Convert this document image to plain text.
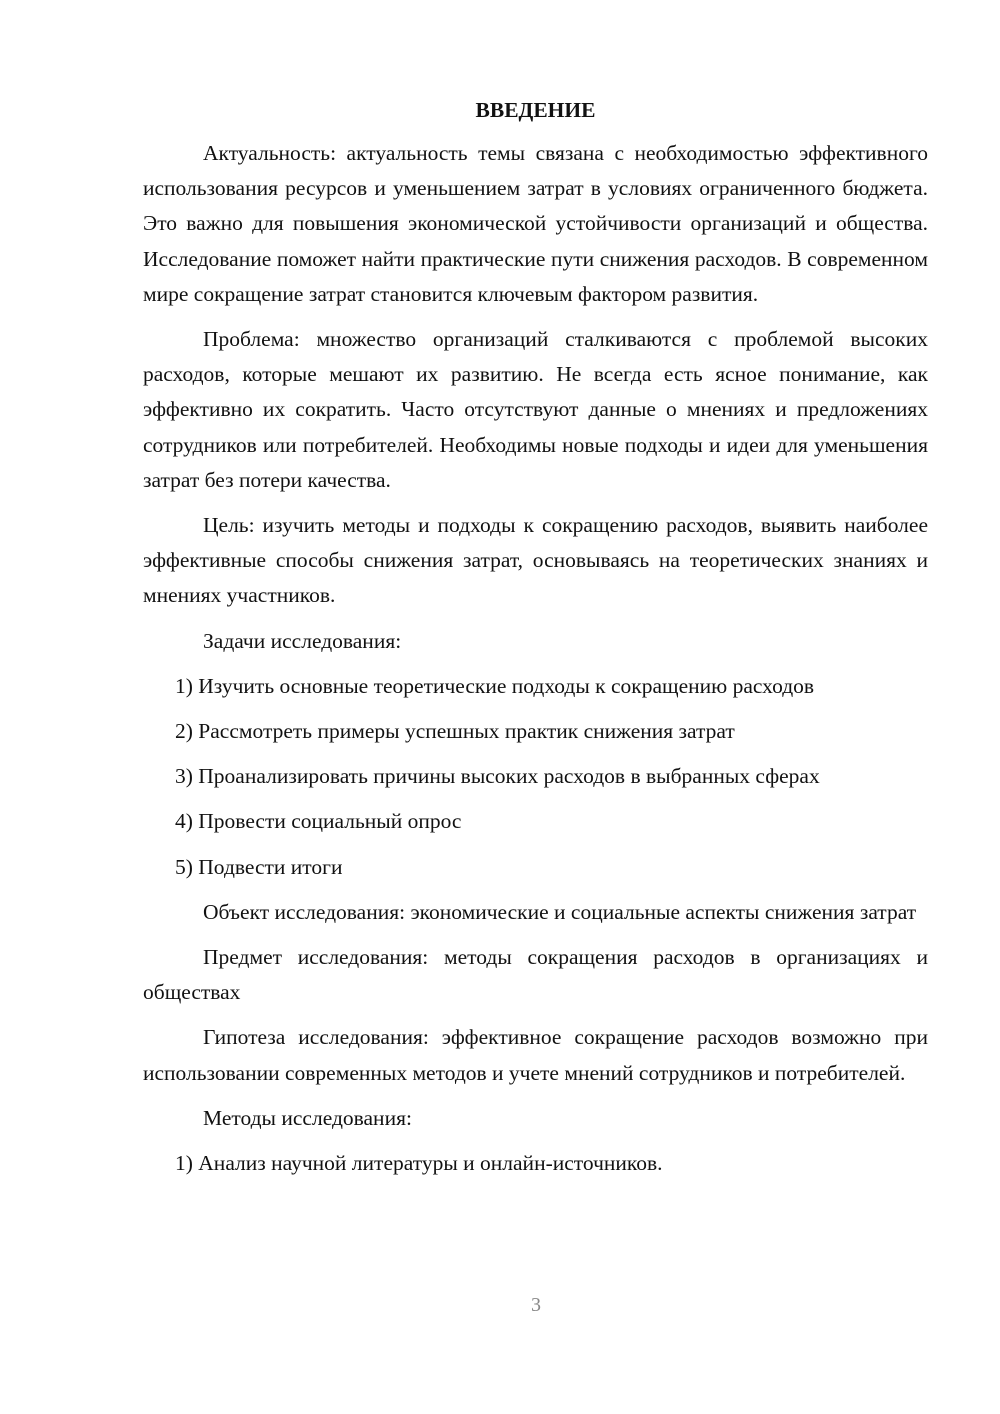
ВВЕДЕНИЕ

Актуальность: актуальность темы связана с необходимостью эффективного использования ресурсов и уменьшением затрат в условиях ограниченного бюджета. Это важно для повышения экономической устойчивости организаций и общества. Исследование поможет найти практические пути снижения расходов. В современном мире сокращение затрат становится ключевым фактором развития.

Проблема: множество организаций сталкиваются с проблемой высоких расходов, которые мешают их развитию. Не всегда есть ясное понимание, как эффективно их сократить. Часто отсутствуют данные о мнениях и предложениях сотрудников или потребителей. Необходимы новые подходы и идеи для уменьшения затрат без потери качества.

Цель: изучить методы и подходы к сокращению расходов, выявить наиболее эффективные способы снижения затрат, основываясь на теоретических знаниях и мнениях участников.

Задачи исследования:

1) Изучить основные теоретические подходы к сокращению расходов
2) Рассмотреть примеры успешных практик снижения затрат
3) Проанализировать причины высоких расходов в выбранных сферах
4) Провести социальный опрос
5) Подвести итоги

Объект исследования: экономические и социальные аспекты снижения затрат

Предмет исследования: методы сокращения расходов в организациях и обществах

Гипотеза исследования: эффективное сокращение расходов возможно при использовании современных методов и учете мнений сотрудников и потребителей.

Методы исследования:

1) Анализ научной литературы и онлайн-источников.
3
